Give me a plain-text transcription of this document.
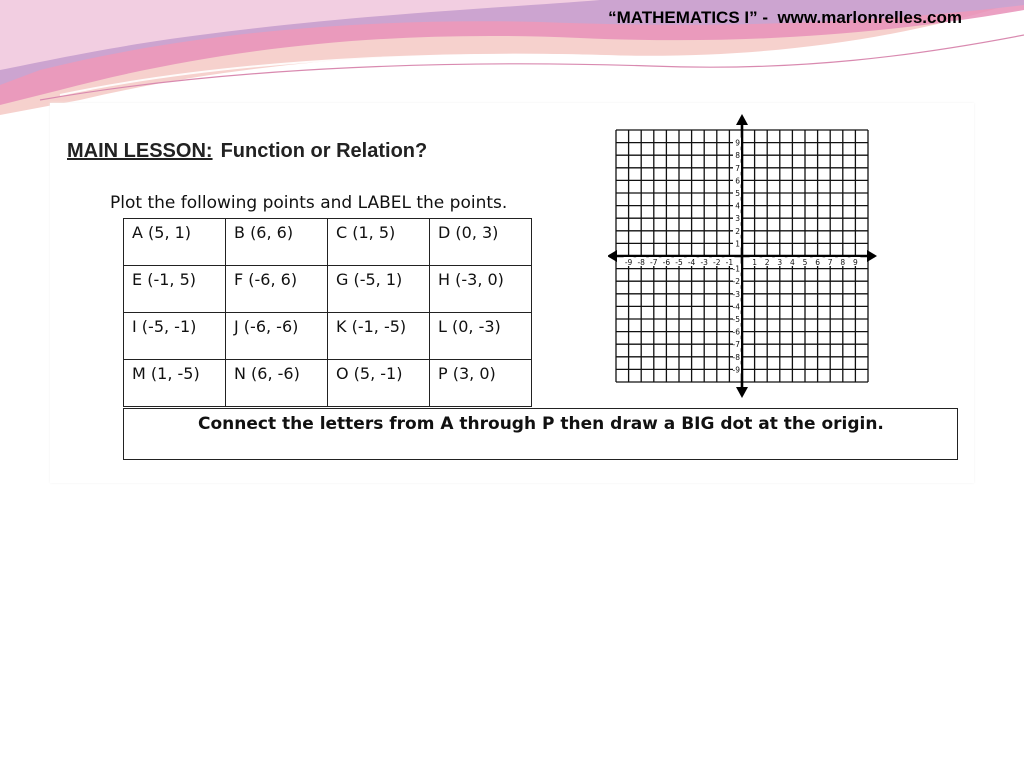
“MATHEMATICS I” -  www.marlonrelles.com
MAIN LESSON: Function or Relation?
Plot the following points and LABEL the points.
A (5, 1)	B (6, 6)	C (1, 5)	D (0, 3)
E (-1, 5)	F (-6, 6)	G (-5, 1)	H (-3, 0)
I (-5, -1)	J (-6, -6)	K (-1, -5)	L (0, -3)
M (1, -5)	N (6, -6)	O (5, -1)	P (3, 0)
Connect the letters from A through P then draw a BIG dot at the origin.
-9 -8 -7 -6 -5 -4 -3 -2 -1	1 2 3 4 5 6 7 8 9
9
8
7
6
5
4
3
2
1
-1
-2
-3
-4
-5
-6
-7
-8
-9
